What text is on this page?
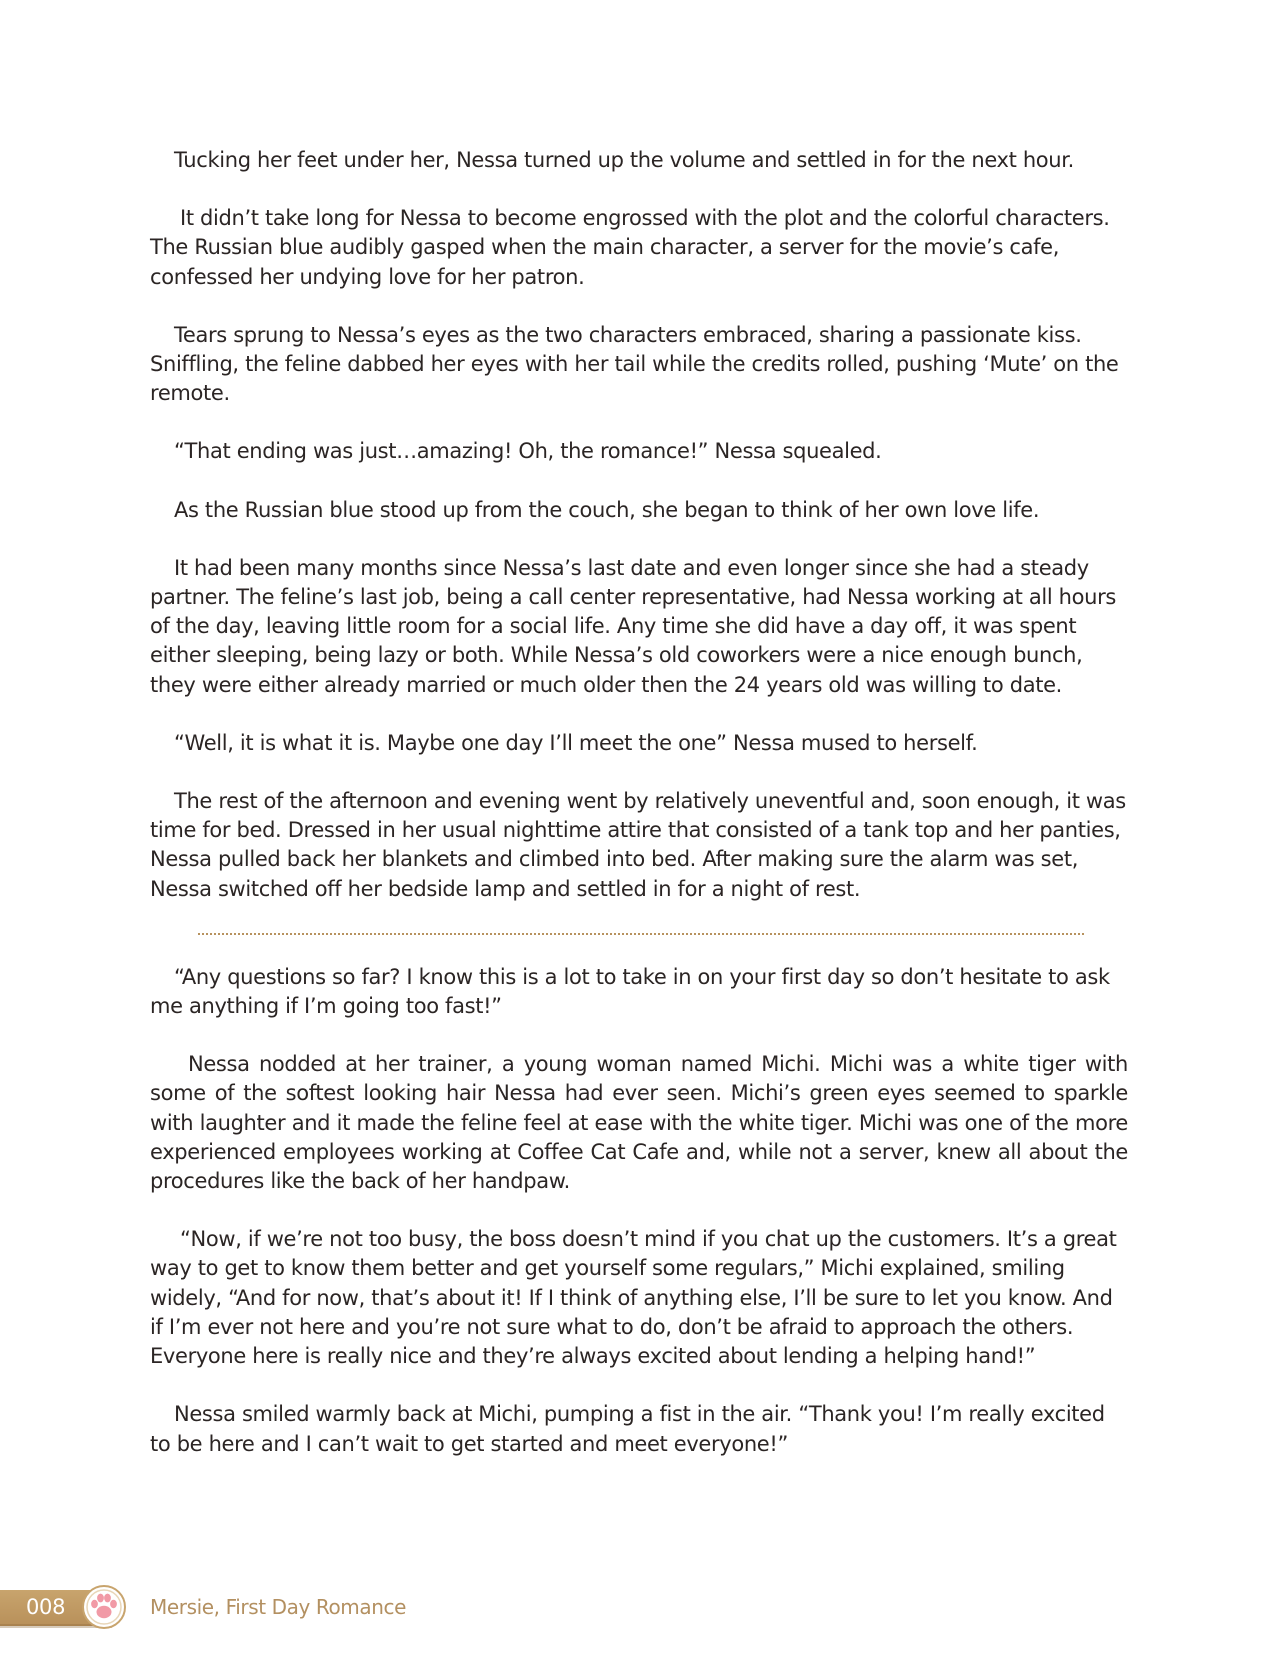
Tucking her feet under her, Nessa turned up the volume and settled in for the next hour.

It didn’t take long for Nessa to become engrossed with the plot and the colorful characters. The Russian blue audibly gasped when the main character, a server for the movie’s cafe, confessed her undying love for her patron.

Tears sprung to Nessa’s eyes as the two characters embraced, sharing a passionate kiss. Sniffling, the feline dabbed her eyes with her tail while the credits rolled, pushing ‘Mute’ on the remote.

“That ending was just…amazing! Oh, the romance!” Nessa squealed.

As the Russian blue stood up from the couch, she began to think of her own love life.

It had been many months since Nessa’s last date and even longer since she had a steady partner. The feline’s last job, being a call center representative, had Nessa working at all hours of the day, leaving little room for a social life. Any time she did have a day off, it was spent either sleeping, being lazy or both. While Nessa’s old coworkers were a nice enough bunch, they were either already married or much older then the 24 years old was willing to date.

“Well, it is what it is. Maybe one day I’ll meet the one” Nessa mused to herself.

The rest of the afternoon and evening went by relatively uneventful and, soon enough, it was time for bed. Dressed in her usual nighttime attire that consisted of a tank top and her panties, Nessa pulled back her blankets and climbed into bed. After making sure the alarm was set, Nessa switched off her bedside lamp and settled in for a night of rest.

“Any questions so far? I know this is a lot to take in on your first day so don’t hesitate to ask me anything if I’m going too fast!”

Nessa nodded at her trainer, a young woman named Michi. Michi was a white tiger with some of the softest looking hair Nessa had ever seen. Michi’s green eyes seemed to sparkle with laughter and it made the feline feel at ease with the white tiger. Michi was one of the more experienced employees working at Coffee Cat Cafe and, while not a server, knew all about the procedures like the back of her handpaw.

“Now, if we’re not too busy, the boss doesn’t mind if you chat up the customers. It’s a great way to get to know them better and get yourself some regulars,” Michi explained, smiling widely, “And for now, that’s about it! If I think of anything else, I’ll be sure to let you know. And if I’m ever not here and you’re not sure what to do, don’t be afraid to approach the others. Everyone here is really nice and they’re always excited about lending a helping hand!”

Nessa smiled warmly back at Michi, pumping a fist in the air. “Thank you! I’m really excited to be here and I can’t wait to get started and meet everyone!”

008	Mersie, First Day Romance
